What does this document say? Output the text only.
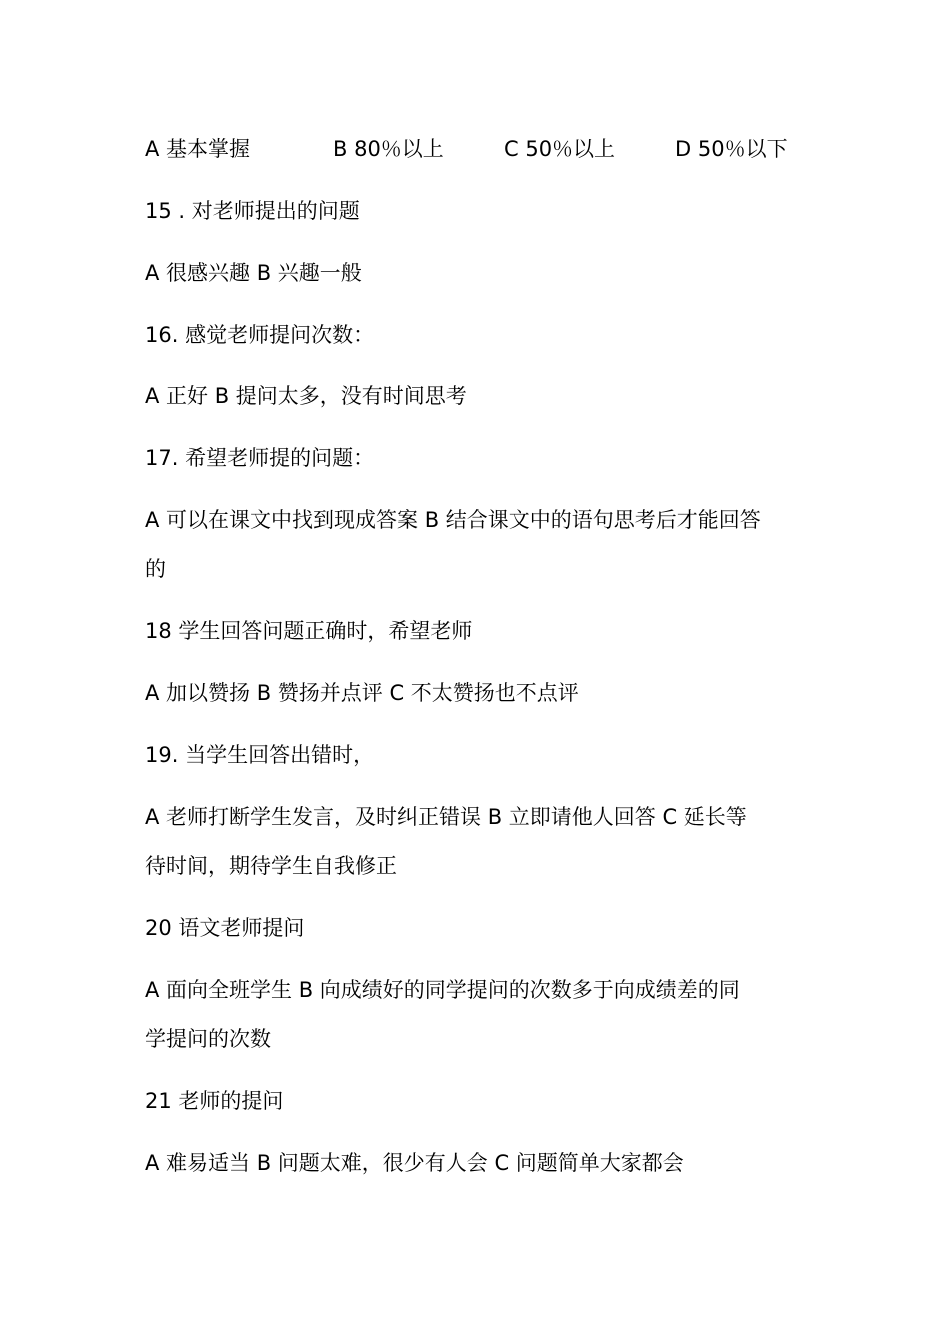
A 基本掌握	B 80％以上	C 50％以上	D 50％以下
15 . 对老师提出的问题
A 很感兴趣 B 兴趣一般
16. 感觉老师提问次数：
A 正好 B 提问太多，没有时间思考
17. 希望老师提的问题：
A 可以在课文中找到现成答案 B 结合课文中的语句思考后才能回答
的
18 学生回答问题正确时，希望老师
A 加以赞扬 B 赞扬并点评 C 不太赞扬也不点评
19. 当学生回答出错时，
A 老师打断学生发言，及时纠正错误 B 立即请他人回答 C 延长等
待时间，期待学生自我修正
20 语文老师提问
A 面向全班学生 B 向成绩好的同学提问的次数多于向成绩差的同
学提问的次数
21 老师的提问
A 难易适当 B 问题太难，很少有人会 C 问题简单大家都会
